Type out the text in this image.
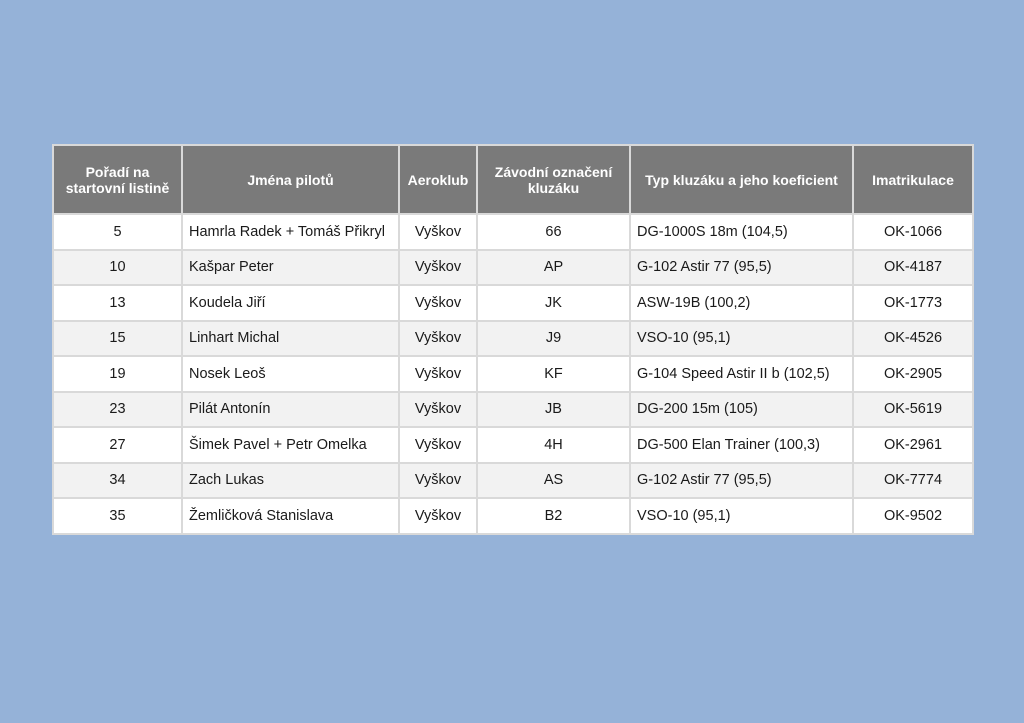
Pořadí na startovní listině	Jména pilotů	Aeroklub	Závodní označení kluzáku	Typ kluzáku a jeho koeficient	Imatrikulace
5	Hamrla Radek + Tomáš Přikryl	Vyškov	66	DG-1000S 18m (104,5)	OK-1066
10	Kašpar Peter	Vyškov	AP	G-102 Astir 77 (95,5)	OK-4187
13	Koudela Jiří	Vyškov	JK	ASW-19B (100,2)	OK-1773
15	Linhart Michal	Vyškov	J9	VSO-10 (95,1)	OK-4526
19	Nosek Leoš	Vyškov	KF	G-104 Speed Astir II b (102,5)	OK-2905
23	Pilát Antonín	Vyškov	JB	DG-200 15m (105)	OK-5619
27	Šimek Pavel + Petr Omelka	Vyškov	4H	DG-500 Elan Trainer (100,3)	OK-2961
34	Zach Lukas	Vyškov	AS	G-102 Astir 77 (95,5)	OK-7774
35	Žemličková Stanislava	Vyškov	B2	VSO-10 (95,1)	OK-9502
